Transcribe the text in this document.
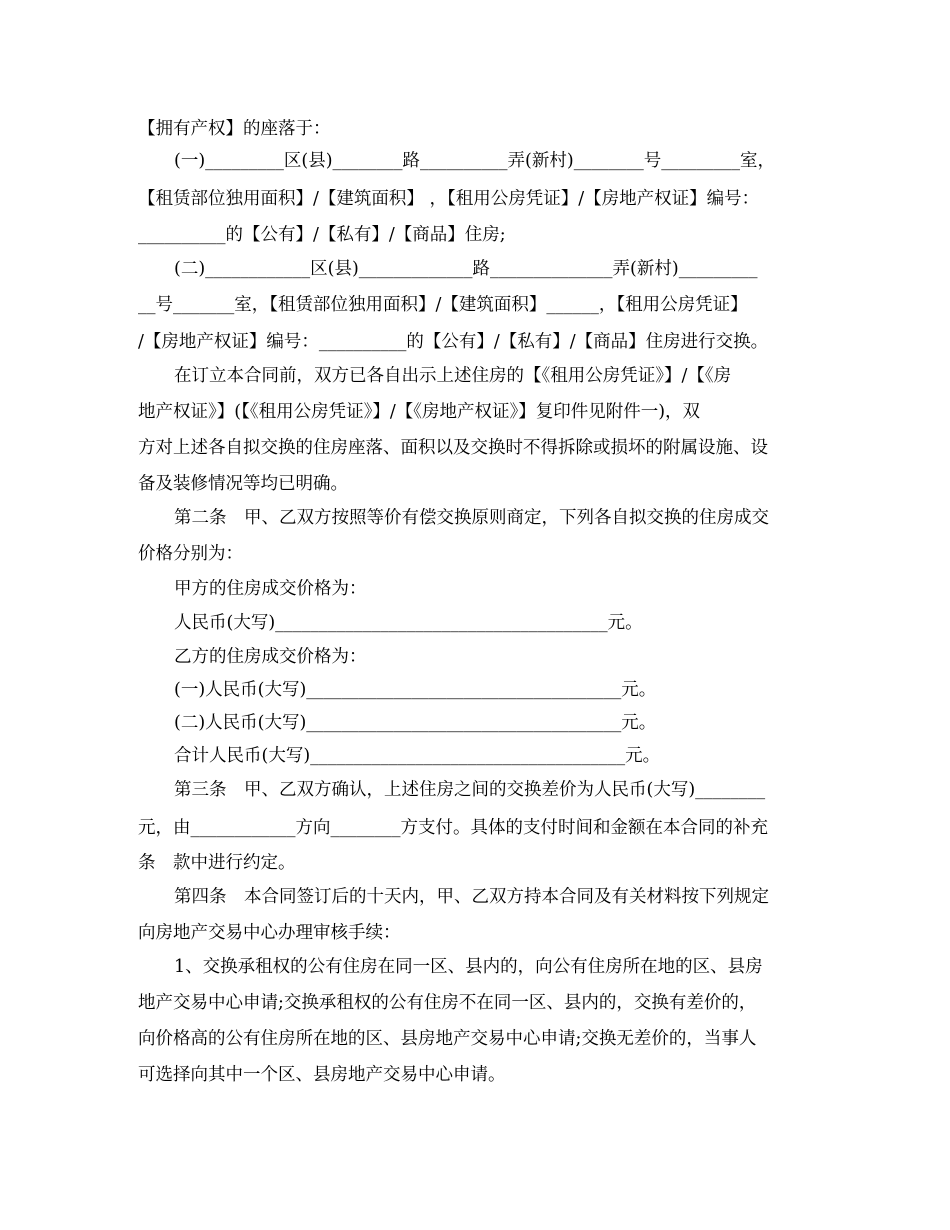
【拥有产权】的座落于：
(一)_________区(县)________路__________弄(新村)________号_________室，
【租赁部位独用面积】/【建筑面积】 ，【租用公房凭证】/【房地产权证】编号：
__________的【公有】/【私有】/【商品】住房;
(二)____________区(县)_____________路______________弄(新村)_________
__号_______室，【租赁部位独用面积】/【建筑面积】______，【租用公房凭证】
/【房地产权证】编号：__________的【公有】/【私有】/【商品】住房进行交换。
在订立本合同前，双方已各自出示上述住房的【《租用公房凭证》】/【《房
地产权证》】(【《租用公房凭证》】/【《房地产权证》】复印件见附件一)，双
方对上述各自拟交换的住房座落、面积以及交换时不得拆除或损坏的附属设施、设
备及装修情况等均已明确。
第二条　甲、乙双方按照等价有偿交换原则商定，下列各自拟交换的住房成交
价格分别为：
甲方的住房成交价格为：
人民币(大写)______________________________________元。
乙方的住房成交价格为：
(一)人民币(大写)____________________________________元。
(二)人民币(大写)____________________________________元。
合计人民币(大写)____________________________________元。
第三条　甲、乙双方确认，上述住房之间的交换差价为人民币(大写)________
元，由____________方向________方支付。具体的支付时间和金额在本合同的补充
条　款中进行约定。
第四条　本合同签订后的十天内，甲、乙双方持本合同及有关材料按下列规定
向房地产交易中心办理审核手续：
1、交换承租权的公有住房在同一区、县内的，向公有住房所在地的区、县房
地产交易中心申请;交换承租权的公有住房不在同一区、县内的，交换有差价的，
向价格高的公有住房所在地的区、县房地产交易中心申请;交换无差价的，当事人
可选择向其中一个区、县房地产交易中心申请。
